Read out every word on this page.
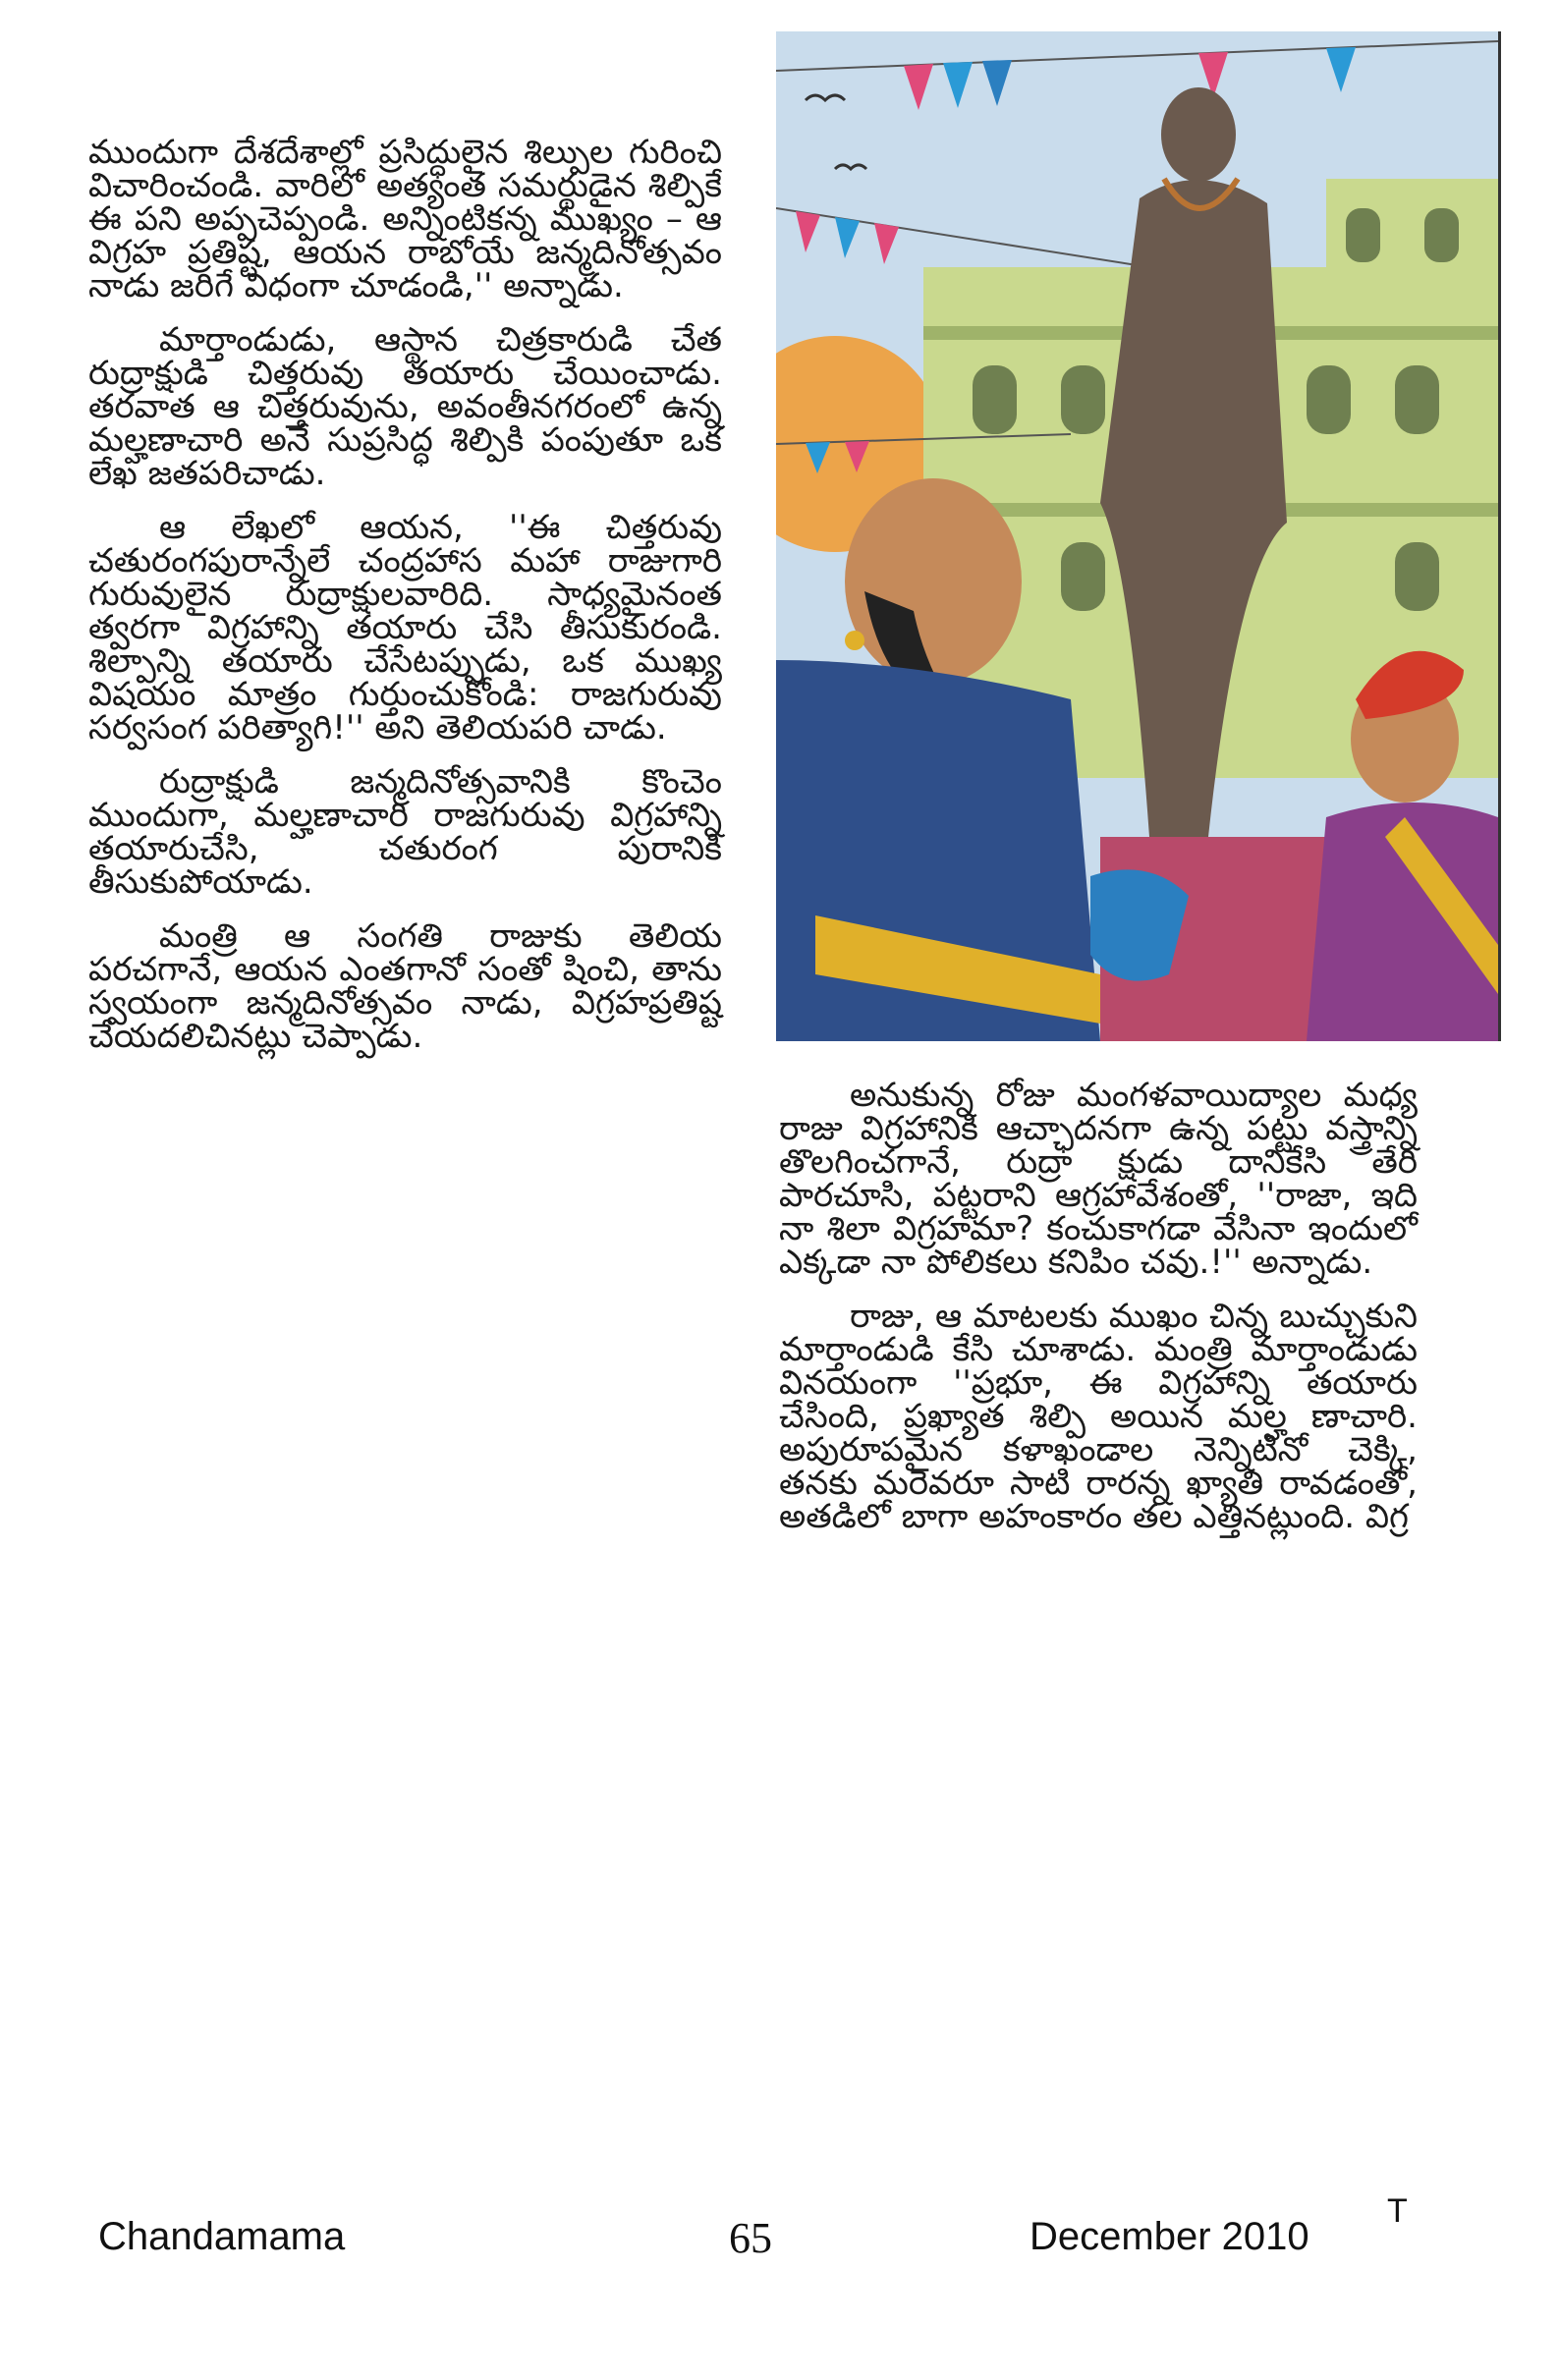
ముందుగా దేశదేశాల్లో ప్రసిద్ధులైన శిల్పుల గురించి విచారించండి. వారిలో అత్యంత సమర్థుడైన శిల్పికే ఈ పని అప్పచెప్పండి. అన్నింటికన్న ముఖ్యం – ఆ విగ్రహ ప్రతిష్ట, ఆయన రాబోయే జన్మదినోత్సవం నాడు జరిగే విధంగా చూడండి,'' అన్నాడు.

మార్తాండుడు, ఆస్థాన చిత్రకారుడి చేత రుద్రాక్షుడి చిత్తరువు తయారు చేయించాడు. తరవాత ఆ చిత్తరువును, అవంతీనగరంలో ఉన్న మల్హణాచారి అనే సుప్రసిద్ధ శిల్పికి పంపుతూ ఒక లేఖ జతపరిచాడు.

ఆ లేఖలో ఆయన, ''ఈ చిత్తరువు చతురంగపురాన్నేలే చంద్రహాస మహా రాజుగారి గురువులైన రుద్రాక్షులవారిది. సాధ్యమైనంత త్వరగా విగ్రహాన్ని తయారు చేసి తీసుకురండి. శిల్పాన్ని తయారు చేసేటప్పుడు, ఒక ముఖ్య విషయం మాత్రం గుర్తుంచుకోండి: రాజగురువు సర్వసంగ పరిత్యాగి!'' అని తెలియపరి చాడు.

రుద్రాక్షుడి జన్మదినోత్సవానికి కొంచెం ముందుగా, మల్హణాచారి రాజగురువు విగ్రహాన్ని తయారుచేసి, చతురంగ పురానికి తీసుకుపోయాడు.

మంత్రి ఆ సంగతి రాజుకు తెలియ పరచగానే, ఆయన ఎంతగానో సంతో షించి, తాను స్వయంగా జన్మదినోత్సవం నాడు, విగ్రహప్రతిష్ట చేయదలిచినట్లు చెప్పాడు.

అనుకున్న రోజు మంగళవాయిద్యాల మధ్య రాజు విగ్రహానికి ఆచ్ఛాదనగా ఉన్న పట్టు వస్త్రాన్ని తొలగించగానే, రుద్రా క్షుడు దానికేసి తేరి పారచూసి, పట్టరాని ఆగ్రహావేశంతో, ''రాజా, ఇది నా శిలా విగ్రహమా? కంచుకాగడా వేసినా ఇందులో ఎక్కడా నా పోలికలు కనిపిం చవు.!'' అన్నాడు.

రాజు, ఆ మాటలకు ముఖం చిన్న బుచ్చుకుని మార్తాండుడి కేసి చూశాడు. మంత్రి మార్తాండుడు వినయంగా ''ప్రభూ, ఈ విగ్రహాన్ని తయారు చేసింది, ప్రఖ్యాత శిల్పి అయిన మల్హ ణాచారి. అపురూపమైన కళాఖండాల నెన్నిటినో చెక్కి, తనకు మరెవరూ సాటి రారన్న ఖ్యాతి రావడంతో, అతడిలో బాగా అహంకారం తల ఎత్తినట్లుంది. విగ్ర

Chandamama	65	December 2010
T
